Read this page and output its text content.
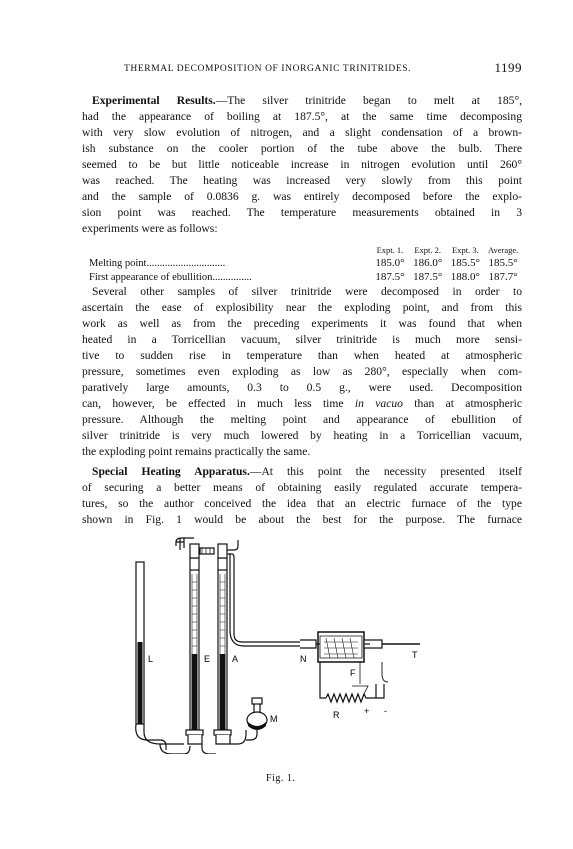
THERMAL DECOMPOSITION OF INORGANIC TRINITRIDES.	1199
Experimental Results.—The silver trinitride began to melt at 185°,
had the appearance of boiling at 187.5°, at the same time decomposing
with very slow evolution of nitrogen, and a slight condensation of a brown-
ish substance on the cooler portion of the tube above the bulb. There
seemed to be but little noticeable increase in nitrogen evolution until 260°
was reached. The heating was increased very slowly from this point
and the sample of 0.0836 g. was entirely decomposed before the explo-
sion point was reached. The temperature measurements obtained in 3
experiments were as follows:
	Expt. 1.	Expt. 2.	Expt. 3.	Average.
Melting point..............................	185.0°	186.0°	185.5°	185.5°
First appearance of ebullition...............	187.5°	187.5°	188.0°	187.7°
Several other samples of silver trinitride were decomposed in order to
ascertain the ease of explosibility near the exploding point, and from this
work as well as from the preceding experiments it was found that when
heated in a Torricellian vacuum, silver trinitride is much more sensi-
tive to sudden rise in temperature than when heated at atmospheric
pressure, sometimes even exploding as low as 280°, especially when com-
paratively large amounts, 0.3 to 0.5 g., were used. Decomposition
can, however, be effected in much less time in vacuo than at atmospheric
pressure. Although the melting point and appearance of ebullition of
silver trinitride is very much lowered by heating in a Torricellian vacuum,
the exploding point remains practically the same.
Special Heating Apparatus.—At this point the necessity presented itself
of securing a better means of obtaining easily regulated accurate tempera-
tures, so the author conceived the idea that an electric furnace of the type
shown in Fig. 1 would be about the best for the purpose. The furnace
L	E A	N
F
T
R	+ -
M
Fig. 1.
